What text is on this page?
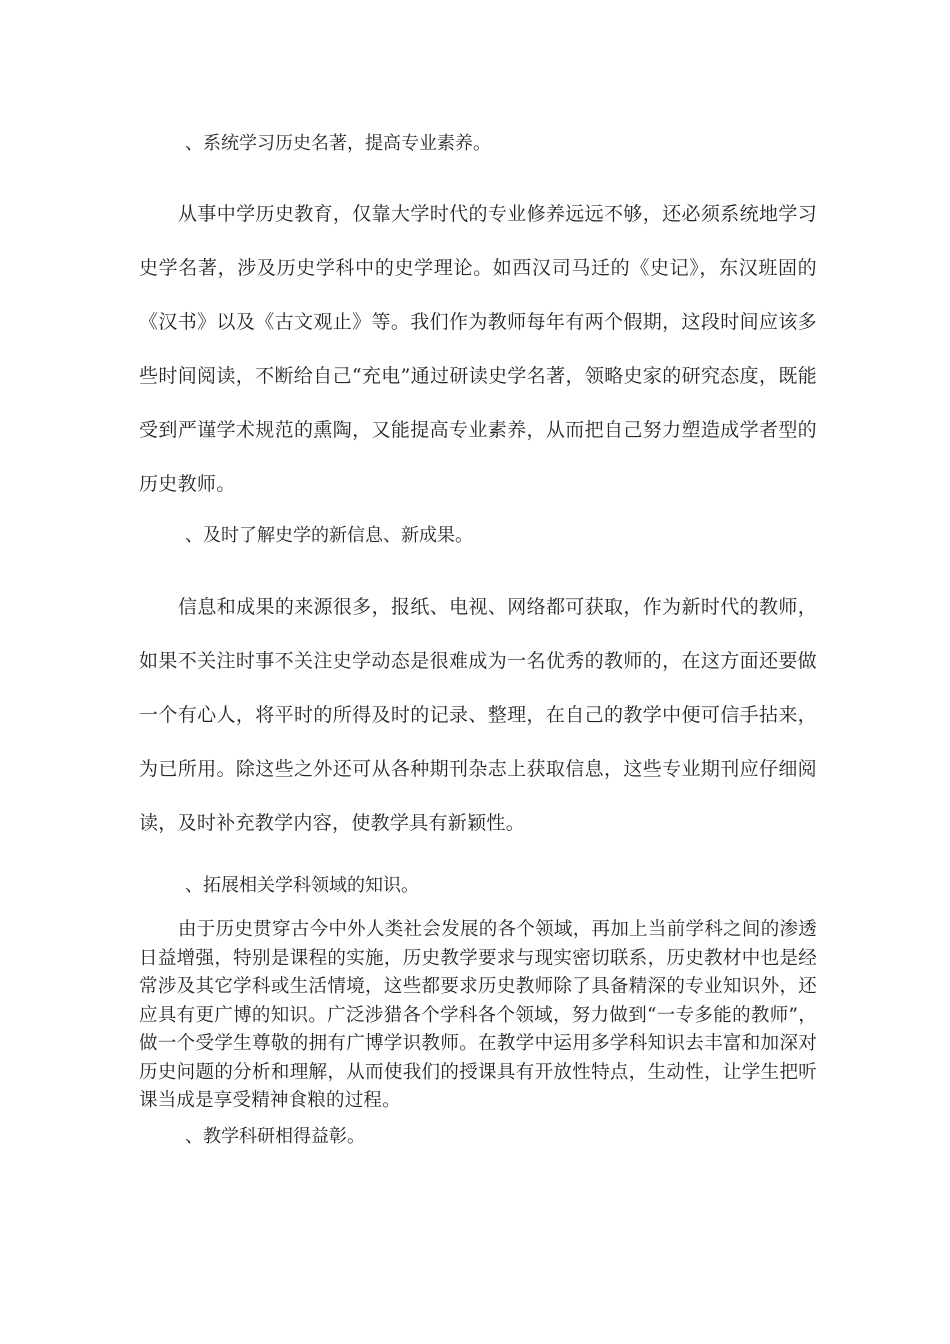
、系统学习历史名著，提高专业素养。

从事中学历史教育，仅靠大学时代的专业修养远远不够，还必须系统地学习史学名著，涉及历史学科中的史学理论。如西汉司马迁的《史记》，东汉班固的《汉书》以及《古文观止》等。我们作为教师每年有两个假期，这段时间应该多些时间阅读，不断给自己“充电”通过研读史学名著，领略史家的研究态度，既能受到严谨学术规范的熏陶，又能提高专业素养，从而把自己努力塑造成学者型的历史教师。

、及时了解史学的新信息、新成果。

信息和成果的来源很多，报纸、电视、网络都可获取，作为新时代的教师，如果不关注时事不关注史学动态是很难成为一名优秀的教师的，在这方面还要做一个有心人，将平时的所得及时的记录、整理，在自己的教学中便可信手拈来，为已所用。除这些之外还可从各种期刊杂志上获取信息，这些专业期刊应仔细阅读，及时补充教学内容，使教学具有新颖性。

、拓展相关学科领域的知识。

由于历史贯穿古今中外人类社会发展的各个领域，再加上当前学科之间的渗透日益增强，特别是课程的实施，历史教学要求与现实密切联系，历史教材中也是经常涉及其它学科或生活情境，这些都要求历史教师除了具备精深的专业知识外，还应具有更广博的知识。广泛涉猎各个学科各个领域，努力做到“一专多能的教师”，做一个受学生尊敬的拥有广博学识教师。在教学中运用多学科知识去丰富和加深对历史问题的分析和理解，从而使我们的授课具有开放性特点，生动性，让学生把听课当成是享受精神食粮的过程。

、教学科研相得益彰。
